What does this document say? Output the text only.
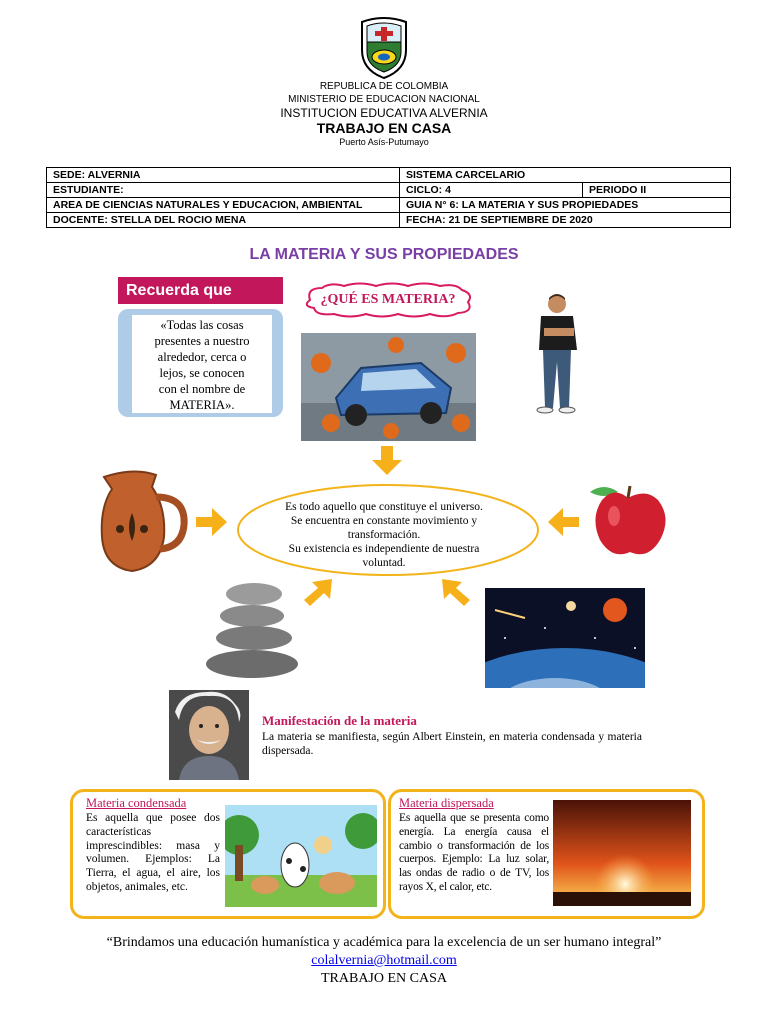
REPUBLICA DE COLOMBIA
MINISTERIO DE EDUCACION NACIONAL
INSTITUCION EDUCATIVA ALVERNIA
TRABAJO EN CASA
Puerto Asís-Putumayo
SEDE: ALVERNIA	SISTEMA CARCELARIO	
ESTUDIANTE:	CICLO: 4	PERIODO II
AREA DE CIENCIAS NATURALES Y EDUCACION, AMBIENTAL	GUIA N° 6: LA MATERIA Y SUS PROPIEDADES	
DOCENTE: STELLA DEL ROCIO MENA	FECHA: 21 DE SEPTIEMBRE DE 2020	
LA MATERIA Y SUS PROPIEDADES
Recuerda que
«Todas las cosas
presentes a nuestro
alrededor, cerca o
lejos, se conocen
con el nombre de
MATERIA».
¿QUÉ ES MATERIA?
Es todo aquello que constituye el universo.
Se encuentra en constante movimiento y
transformación.
Su existencia es independiente de nuestra
voluntad.
Manifestación de la materia
La materia se manifiesta, según Albert Einstein, en materia condensada y materia dispersada.
Materia condensada
Es aquella que posee dos características imprescindibles: masa y volumen. Ejemplos: La Tierra, el agua, el aire, los objetos, animales, etc.
Materia dispersada
Es aquella que se presenta como energía. La energía causa el cambio o transformación de los cuerpos. Ejemplo: La luz solar, las ondas de radio o de TV, los rayos X, el calor, etc.
“Brindamos una educación humanística y académica para la excelencia de un ser humano integral”
colalvernia@hotmail.com
TRABAJO EN CASA
